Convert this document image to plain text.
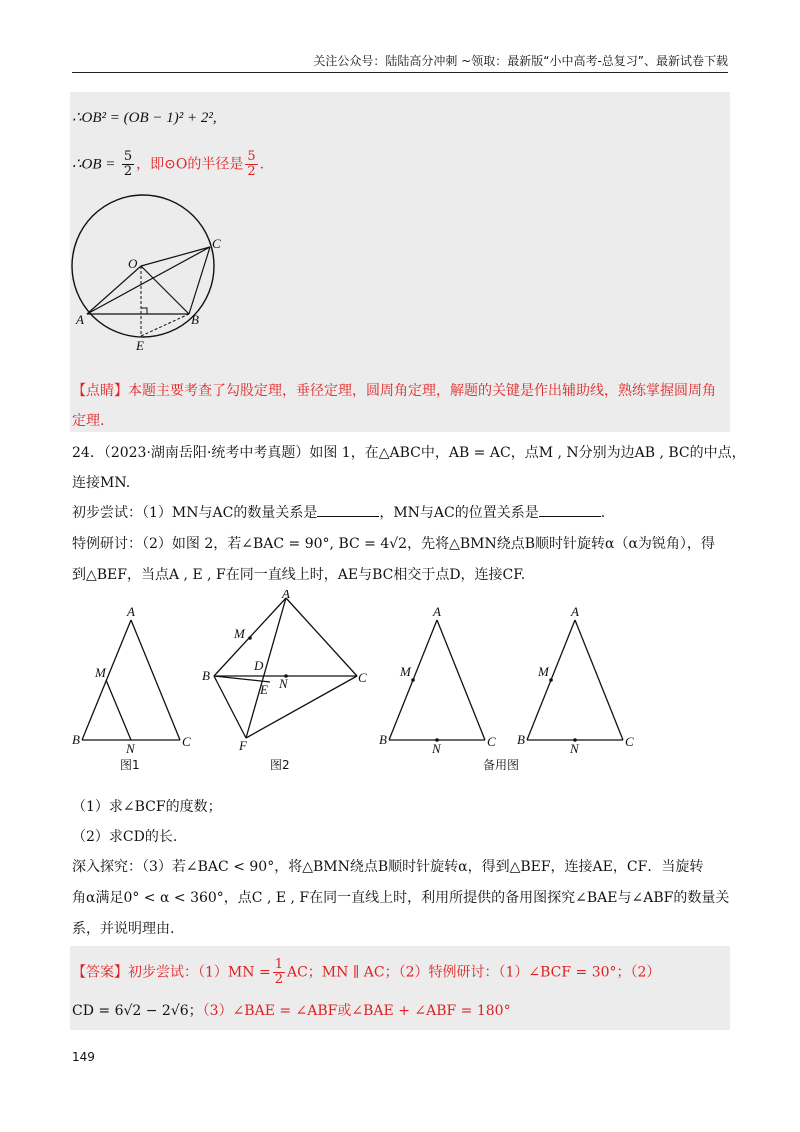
关注公众号：陆陆高分冲刺 ~领取：最新版“小中高考-总复习”、最新试卷下载
∴OB² = (OB − 1)² + 2²,
∴OB = $\frac{5}{2}$ ，即⊙O的半径是 $\frac{5}{2}$ .
O
C
A	B
E
【点睛】本题主要考查了勾股定理，垂径定理，圆周角定理，解题的关键是作出辅助线，熟练掌握圆周角
定理.
24．（2023·湖南岳阳·统考中考真题）如图 1，在△ABC中，AB = AC，点M , N分别为边AB , BC的中点，
连接MN.
初步尝试：（1）MN与AC的数量关系是	，MN与AC的位置关系是	.
特例研讨：（2）如图 2，若∠BAC = 90°, BC = 4√2，先将△BMN绕点B顺时针旋转α（α为锐角），得
到△BEF，当点A , E , F在同一直线上时，AE与BC相交于点D，连接CF.
A
M
B
N	C
A
M
D
B
E N	C
F
A
M
B
N	C
A
M
B
N	C
图1	图2	备用图
（1）求∠BCF的度数；
（2）求CD的长.
深入探究：（3）若∠BAC < 90°，将△BMN绕点B顺时针旋转α，得到△BEF，连接AE，CF．当旋转
角α满足0° < α < 360°，点C , E , F在同一直线上时，利用所提供的备用图探究∠BAE与∠ABF的数量关
系，并说明理由.
【答案】初步尝试：$(1)MN = \frac{1}{2}$ AC；MN ∥ AC；（2）特例研讨：（1）∠BCF = 30°；（2）
CD = 6√2 − 2√6；（3）∠BAE = ∠ABF或∠BAE + ∠ABF = 180°
149
